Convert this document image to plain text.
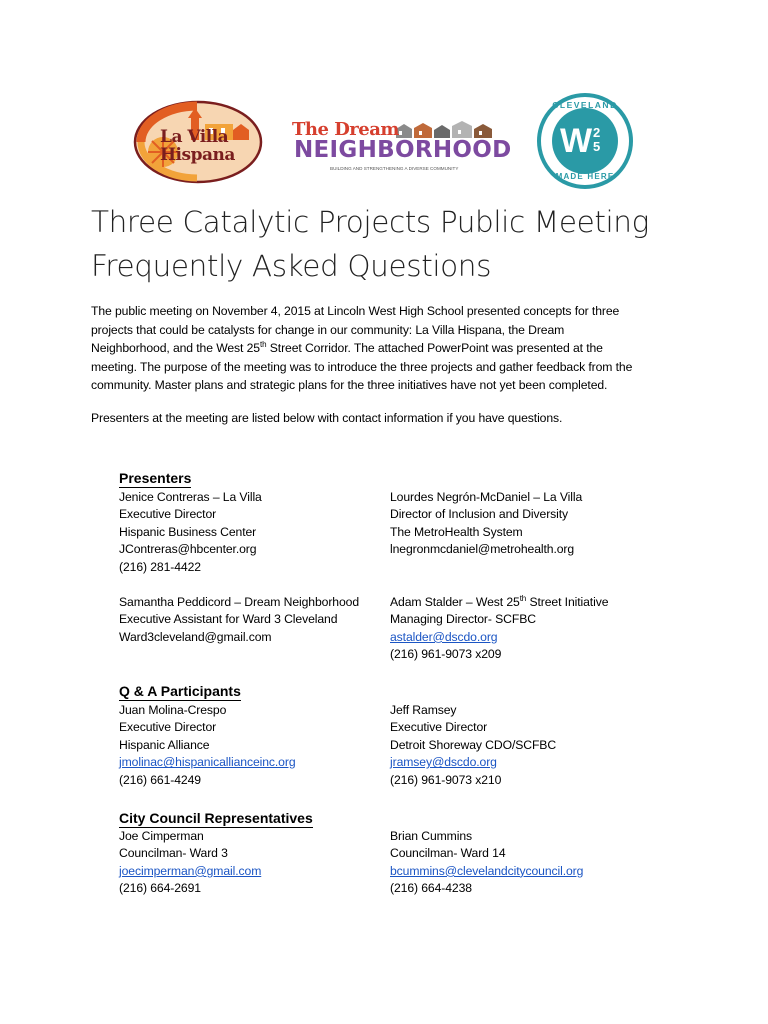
La Villa
Hispana
The Dream
NEIGHBORHOOD
BUILDING AND STRENGTHENING A DIVERSE COMMUNITY
CLEVELAND
MADE HERE
W 25
Three Catalytic Projects Public Meeting
Frequently Asked Questions
The public meeting on November 4, 2015 at Lincoln West High School presented concepts for three
projects that could be catalysts for change in our community: La Villa Hispana, the Dream
Neighborhood, and the West 25th Street Corridor. The attached PowerPoint was presented at the
meeting. The purpose of the meeting was to introduce the three projects and gather feedback from the
community. Master plans and strategic plans for the three initiatives have not yet been completed.
Presenters at the meeting are listed below with contact information if you have questions.
Presenters
Jenice Contreras – La Villa
Executive Director
Hispanic Business Center
JContreras@hbcenter.org
(216) 281-4422
Lourdes Negrón-McDaniel – La Villa
Director of Inclusion and Diversity
The MetroHealth System
lnegronmcdaniel@metrohealth.org
Samantha Peddicord – Dream Neighborhood
Executive Assistant for Ward 3 Cleveland
Ward3cleveland@gmail.com
Adam Stalder – West 25th Street Initiative
Managing Director- SCFBC
astalder@dscdo.org
(216) 961-9073 x209
Q & A Participants
Juan Molina-Crespo
Executive Director
Hispanic Alliance
jmolinac@hispanicallianceinc.org
(216) 661-4249
Jeff Ramsey
Executive Director
Detroit Shoreway CDO/SCFBC
jramsey@dscdo.org
(216) 961-9073 x210
City Council Representatives
Joe Cimperman
Councilman- Ward 3
joecimperman@gmail.com
(216) 664-2691
Brian Cummins
Councilman- Ward 14
bcummins@clevelandcitycouncil.org
(216) 664-4238
